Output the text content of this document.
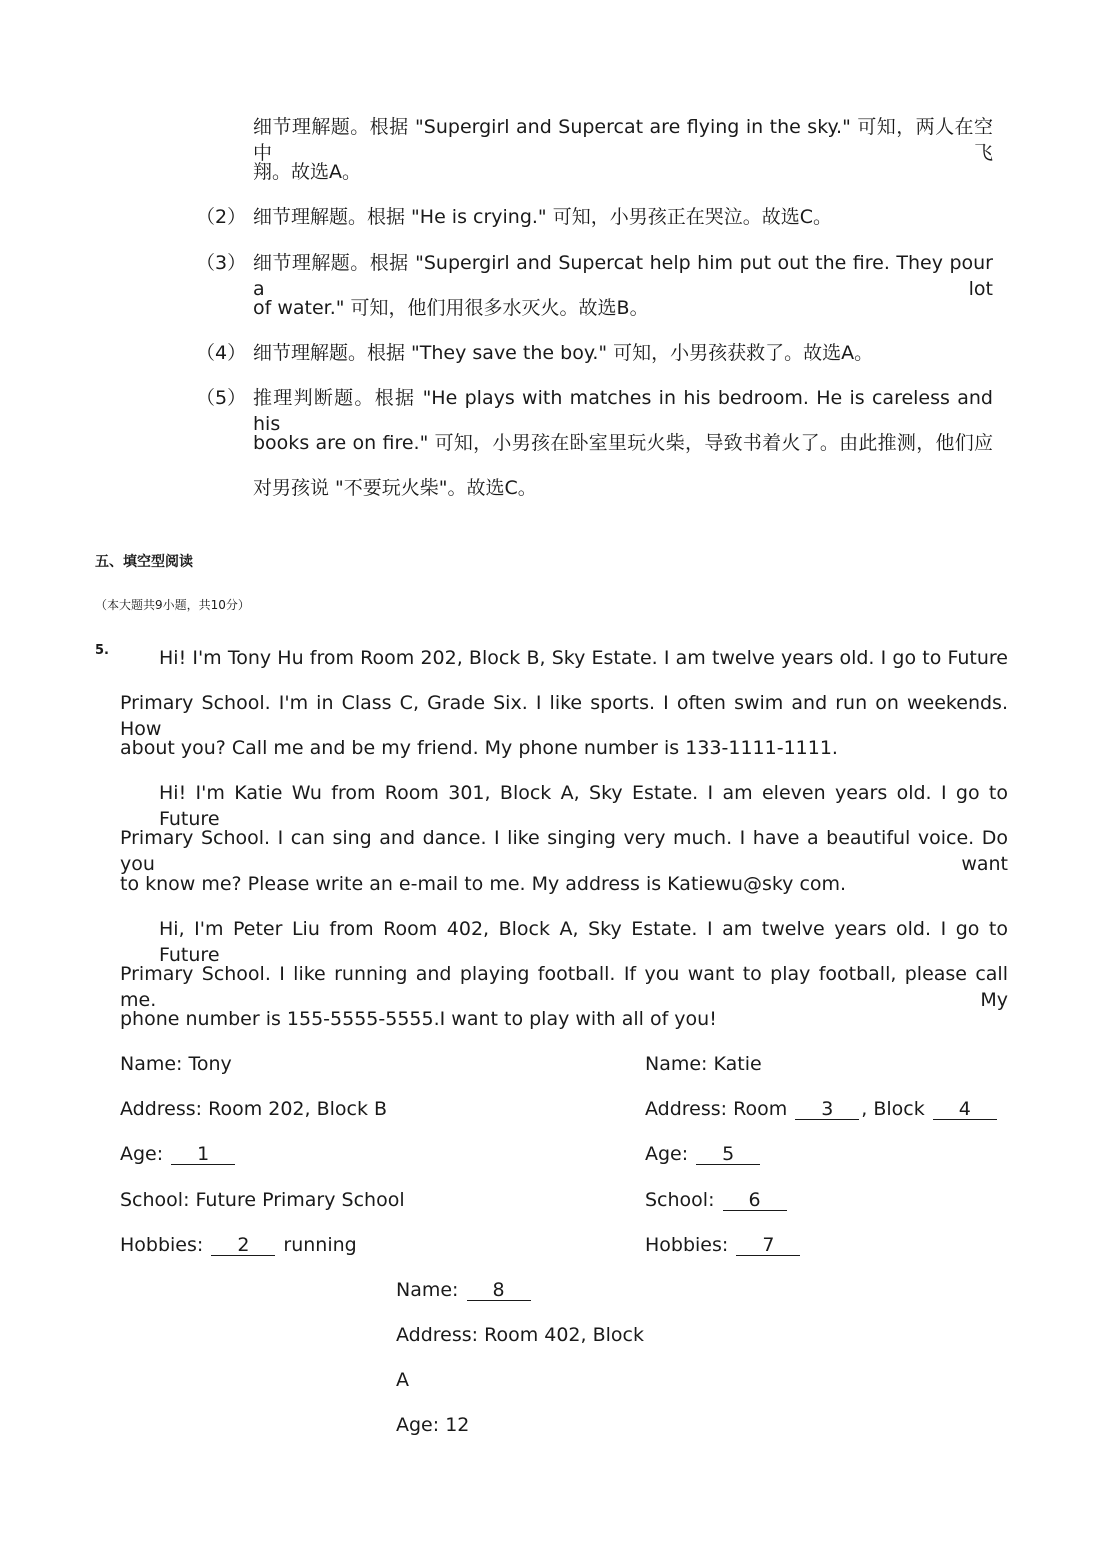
细节理解题。根据 "Supergirl and Supercat are flying in the sky." 可知，两人在空中飞
翔。故选A。
（2） 细节理解题。根据 "He is crying." 可知，小男孩正在哭泣。故选C。
（3） 细节理解题。根据 "Supergirl and Supercat help him put out the fire. They pour a lot
of water." 可知，他们用很多水灭火。故选B。
（4） 细节理解题。根据 "They save the boy." 可知，小男孩获救了。故选A。
（5） 推理判断题。根据 "He plays with matches in his bedroom. He is careless and his
books are on fire." 可知，小男孩在卧室里玩火柴，导致书着火了。由此推测，他们应
对男孩说 "不要玩火柴"。故选C。
五、填空型阅读
（本大题共9小题，共10分）
5.	Hi! I'm Tony Hu from Room 202, Block B, Sky Estate. I am twelve years old. I go to Future
Primary School. I'm in Class C, Grade Six. I like sports. I often swim and run on weekends. How
about you? Call me and be my friend. My phone number is 133-1111-1111.
Hi! I'm Katie Wu from Room 301, Block A, Sky Estate. I am eleven years old. I go to Future
Primary School. I can sing and dance. I like singing very much. I have a beautiful voice. Do you want
to know me? Please write an e-mail to me. My address is Katiewu@sky com.
Hi, I'm Peter Liu from Room 402, Block A, Sky Estate. I am twelve years old. I go to Future
Primary School. I like running and playing football. If you want to play football, please call me. My
phone number is 155-5555-5555.I want to play with all of you!
Name: Tony
Address: Room 202, Block B
Age: 1
School: Future Primary School
Hobbies: 2 running
Name: Katie
Address: Room 3 , Block 4
Age: 5
School: 6
Hobbies: 7
Name: 8
Address: Room 402, Block
A
Age: 12
